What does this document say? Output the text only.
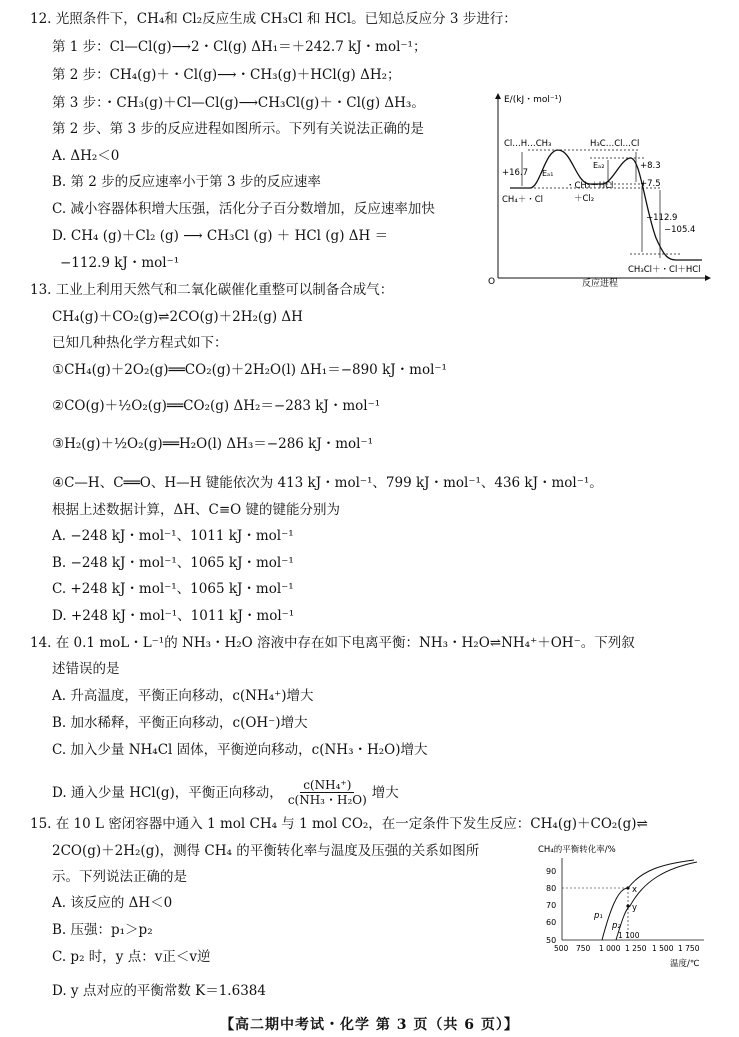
12. 光照条件下，CH₄和 Cl₂反应生成 CH₃Cl 和 HCl。已知总反应分 3 步进行：
第 1 步：Cl—Cl(g)⟶2・Cl(g) ΔH₁＝＋242.7 kJ・mol⁻¹；
第 2 步：CH₄(g)＋・Cl(g)⟶・CH₃(g)＋HCl(g) ΔH₂；
第 3 步：・CH₃(g)＋Cl—Cl(g)⟶CH₃Cl(g)＋・Cl(g) ΔH₃。
第 2 步、第 3 步的反应进程如图所示。下列有关说法正确的是
A. ΔH₂＜0
B. 第 2 步的反应速率小于第 3 步的反应速率
C. 减小容器体积增大压强，活化分子百分数增加，反应速率加快
D. CH₄ (g)＋Cl₂ (g) ⟶ CH₃Cl (g) ＋ HCl (g) ΔH ＝
−112.9 kJ・mol⁻¹
E/(kJ・mol⁻¹)
O	反应进程
Cl…H…CH₃	H₃C…Cl…Cl
CH₄＋・Cl
・CH₃＋HCl
＋Cl₂
CH₃Cl＋・Cl＋HCl
Eₐ₁
Eₐ₂
+16.7
+8.3
+7.5
−112.9
−105.4
13. 工业上利用天然气和二氧化碳催化重整可以制备合成气：
CH₄(g)＋CO₂(g)⇌2CO(g)＋2H₂(g) ΔH
已知几种热化学方程式如下：
①CH₄(g)＋2O₂(g)══CO₂(g)＋2H₂O(l) ΔH₁＝−890 kJ・mol⁻¹
②CO(g)＋½O₂(g)══CO₂(g) ΔH₂＝−283 kJ・mol⁻¹
③H₂(g)＋½O₂(g)══H₂O(l) ΔH₃＝−286 kJ・mol⁻¹
④C—H、C══O、H—H 键能依次为 413 kJ・mol⁻¹、799 kJ・mol⁻¹、436 kJ・mol⁻¹。
根据上述数据计算，ΔH、C≡O 键的键能分别为
A. −248 kJ・mol⁻¹、1011 kJ・mol⁻¹
B. −248 kJ・mol⁻¹、1065 kJ・mol⁻¹
C. +248 kJ・mol⁻¹、1065 kJ・mol⁻¹
D. +248 kJ・mol⁻¹、1011 kJ・mol⁻¹
14. 在 0.1 moL・L⁻¹的 NH₃・H₂O 溶液中存在如下电离平衡：NH₃・H₂O⇌NH₄⁺＋OH⁻。下列叙
述错误的是
A. 升高温度，平衡正向移动，c(NH₄⁺)增大
B. 加水稀释，平衡正向移动，c(OH⁻)增大
C. 加入少量 NH₄Cl 固体，平衡逆向移动，c(NH₃・H₂O)增大
D. 通入少量 HCl(g)，平衡正向移动， $\frac{\text{c(NH₄⁺)}}{\text{c(NH₃・H₂O)}}$ 增大
15. 在 10 L 密闭容器中通入 1 mol CH₄ 与 1 mol CO₂，在一定条件下发生反应：CH₄(g)＋CO₂(g)⇌
2CO(g)＋2H₂(g)，测得 CH₄ 的平衡转化率与温度及压强的关系如图所
示。下列说法正确的是
A. 该反应的 ΔH＜0
B. 压强：p₁＞p₂
C. p₂ 时，y 点：v正＜v逆
D. y 点对应的平衡常数 K＝1.6384
CH₄的平衡转化率/%
50
60
70
80
90
500 750 1 000 1 250 1 500 1 750
1 100
温度/℃
x
y
p₁
p₂
【高二期中考试・化学 第 3 页（共 6 页）】
